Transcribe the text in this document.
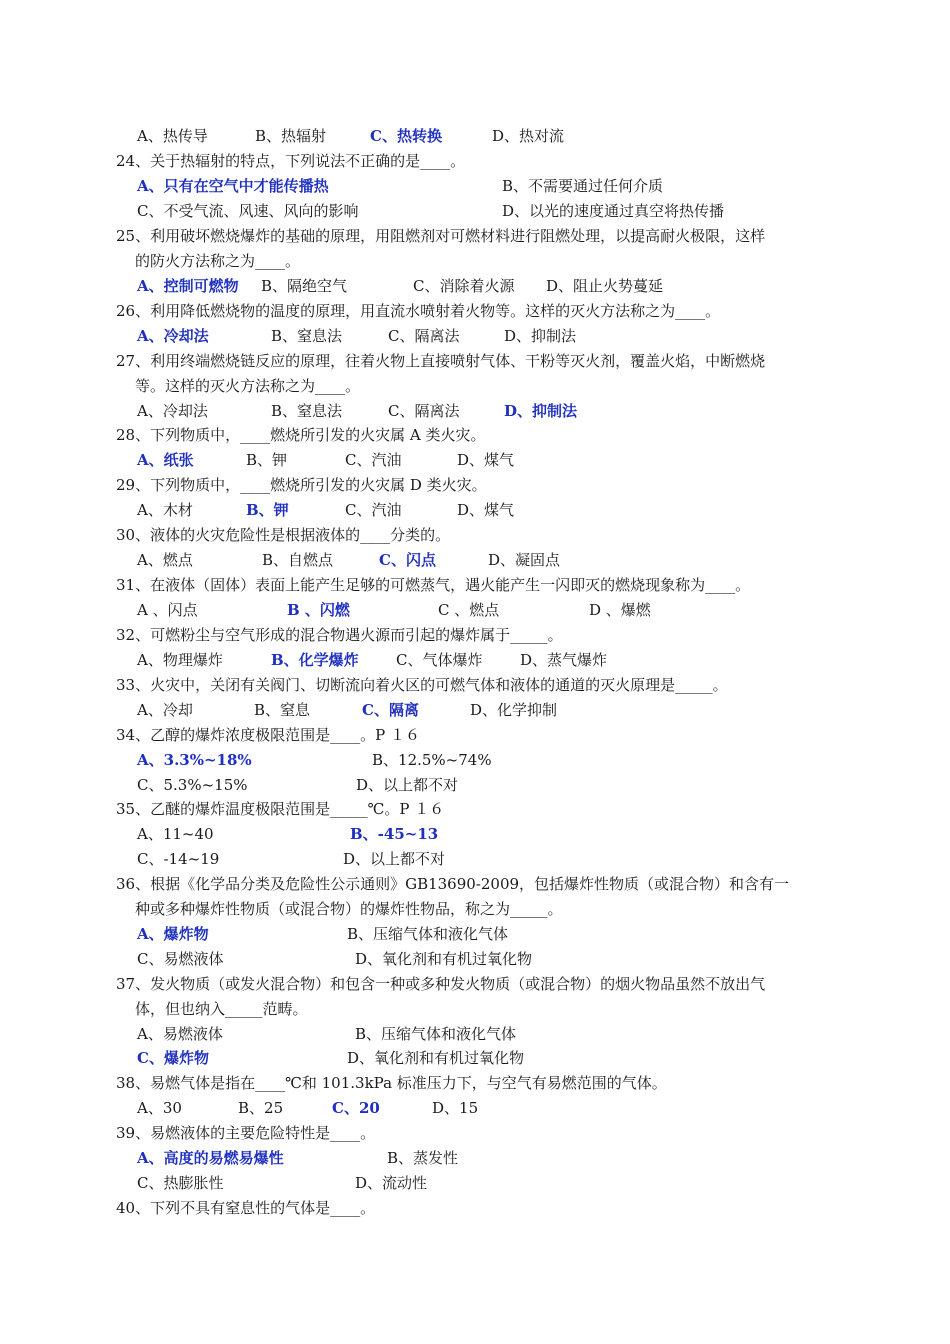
A、热传导	B、热辐射	C、热转换	D、热对流
24、关于热辐射的特点，下列说法不正确的是____。
A、只有在空气中才能传播热	B、不需要通过任何介质
C、不受气流、风速、风向的影响	D、以光的速度通过真空将热传播
25、利用破坏燃烧爆炸的基础的原理，用阻燃剂对可燃材料进行阻燃处理，以提高耐火极限，这样
的防火方法称之为____。
A、控制可燃物 B、隔绝空气	C、消除着火源 D、阻止火势蔓延
26、利用降低燃烧物的温度的原理，用直流水喷射着火物等。这样的灭火方法称之为____。
A、冷却法	B、窒息法	C、隔离法	D、抑制法
27、利用终端燃烧链反应的原理，往着火物上直接喷射气体、干粉等灭火剂，覆盖火焰，中断燃烧
等。这样的灭火方法称之为____。
A、冷却法	B、窒息法	C、隔离法	D、抑制法
28、下列物质中，____燃烧所引发的火灾属 A 类火灾。
A、纸张	B、钾	C、汽油	D、煤气
29、下列物质中，____燃烧所引发的火灾属 D 类火灾。
A、木材	B、钾	C、汽油	D、煤气
30、液体的火灾危险性是根据液体的____分类的。
A、燃点	B、自燃点	C、闪点	D、凝固点
31、在液体（固体）表面上能产生足够的可燃蒸气，遇火能产生一闪即灭的燃烧现象称为____。
A 、闪点	B 、闪燃	C 、燃点	D 、爆燃
32、可燃粉尘与空气形成的混合物遇火源而引起的爆炸属于_____。
A、物理爆炸	B、化学爆炸 C、气体爆炸	D、蒸气爆炸
33、火灾中，关闭有关阀门、切断流向着火区的可燃气体和液体的通道的灭火原理是_____。
A、冷却	B、窒息	C、隔离	D、化学抑制
34、乙醇的爆炸浓度极限范围是____。P １６
A、3.3%~18%	B、12.5%~74%
C、5.3%~15%	D、以上都不对
35、乙醚的爆炸温度极限范围是_____℃。P １６
A、11~40	B、-45~13
C、-14~19	D、以上都不对
36、根据《化学品分类及危险性公示通则》GB13690-2009，包括爆炸性物质（或混合物）和含有一
种或多种爆炸性物质（或混合物）的爆炸性物品，称之为_____。
A、爆炸物	B、压缩气体和液化气体
C、易燃液体	D、氧化剂和有机过氧化物
37、发火物质（或发火混合物）和包含一种或多种发火物质（或混合物）的烟火物品虽然不放出气
体，但也纳入_____范畴。
A、易燃液体	B、压缩气体和液化气体
C、爆炸物	D、氧化剂和有机过氧化物
38、易燃气体是指在____℃和 101.3kPa 标准压力下，与空气有易燃范围的气体。
A、30	B、25	C、20	D、15
39、易燃液体的主要危险特性是____。
A、高度的易燃易爆性	B、蒸发性
C、热膨胀性	D、流动性
40、下列不具有窒息性的气体是____。
